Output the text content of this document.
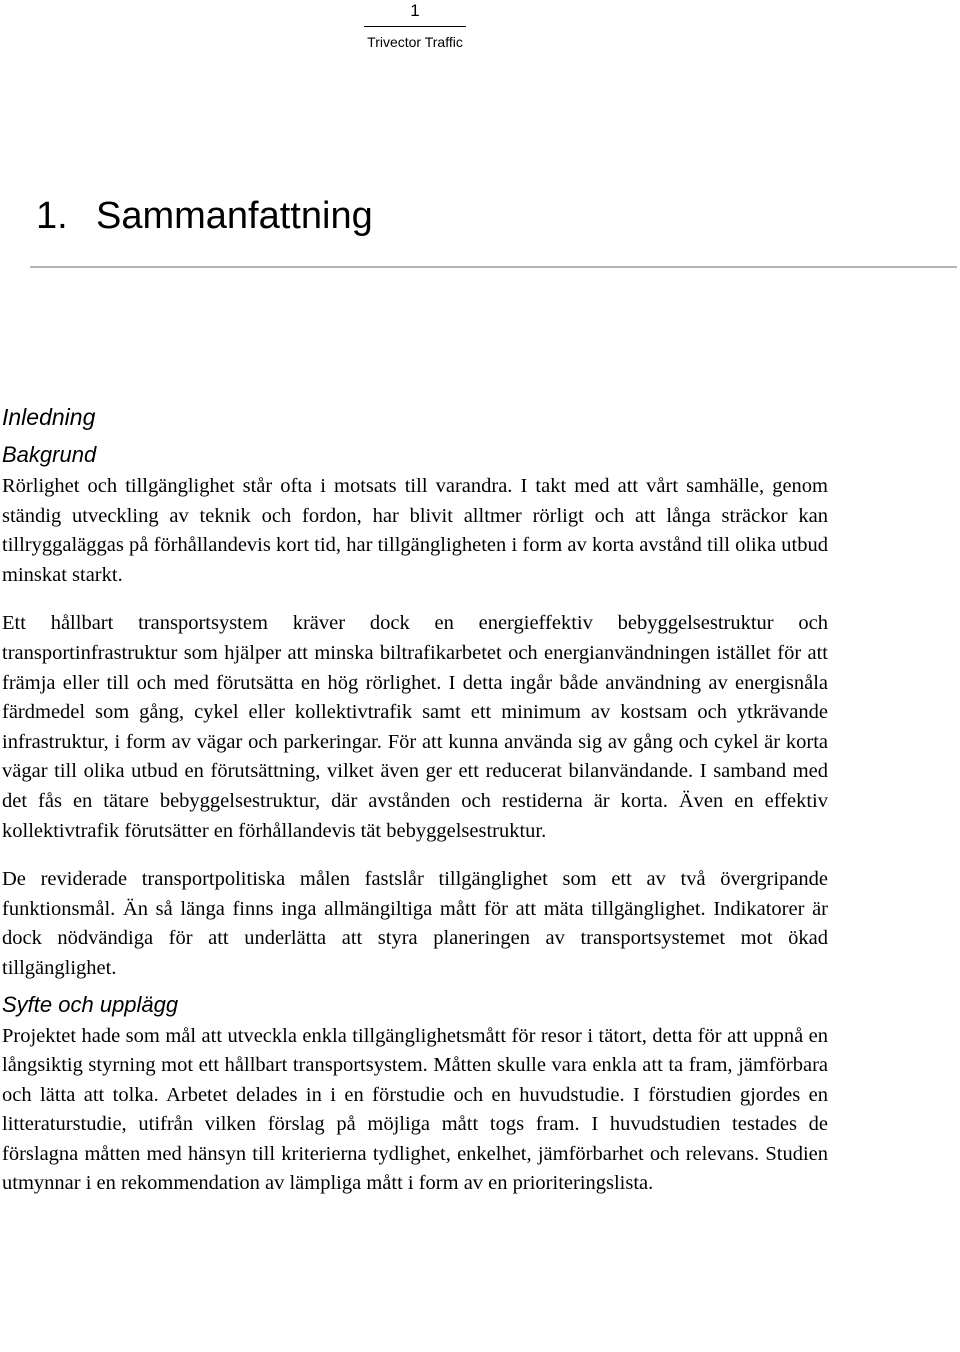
1
Trivector Traffic
1. Sammanfattning
Inledning
Bakgrund

Rörlighet och tillgänglighet står ofta i motsats till varandra. I takt med att vårt samhälle, genom ständig utveckling av teknik och fordon, har blivit alltmer rörligt och att långa sträckor kan tillryggaläggas på förhållandevis kort tid, har tillgängligheten i form av korta avstånd till olika utbud minskat starkt.

Ett hållbart transportsystem kräver dock en energieffektiv bebyggelsestruktur och transportinfrastruktur som hjälper att minska biltrafikarbetet och energianvändningen istället för att främja eller till och med förutsätta en hög rörlighet. I detta ingår både användning av energisnåla färdmedel som gång, cykel eller kollektivtrafik samt ett minimum av kostsam och ytkrävande infrastruktur, i form av vägar och parkeringar. För att kunna använda sig av gång och cykel är korta vägar till olika utbud en förutsättning, vilket även ger ett reducerat bilanvändande. I samband med det fås en tätare bebyggelsestruktur, där avstånden och restiderna är korta. Även en effektiv kollektivtrafik förutsätter en förhållandevis tät bebyggelsestruktur.

De reviderade transportpolitiska målen fastslår tillgänglighet som ett av två övergripande funktionsmål. Än så länga finns inga allmängiltiga mått för att mäta tillgänglighet. Indikatorer är dock nödvändiga för att underlätta att styra planeringen av transportsystemet mot ökad tillgänglighet.

Syfte och upplägg

Projektet hade som mål att utveckla enkla tillgänglighetsmått för resor i tätort, detta för att uppnå en långsiktig styrning mot ett hållbart transportsystem. Måtten skulle vara enkla att ta fram, jämförbara och lätta att tolka. Arbetet delades in i en förstudie och en huvudstudie. I förstudien gjordes en litteraturstudie, utifrån vilken förslag på möjliga mått togs fram. I huvudstudien testades de förslagna måtten med hänsyn till kriterierna tydlighet, enkelhet, jämförbarhet och relevans. Studien utmynnar i en rekommendation av lämpliga mått i form av en prioriteringslista.
